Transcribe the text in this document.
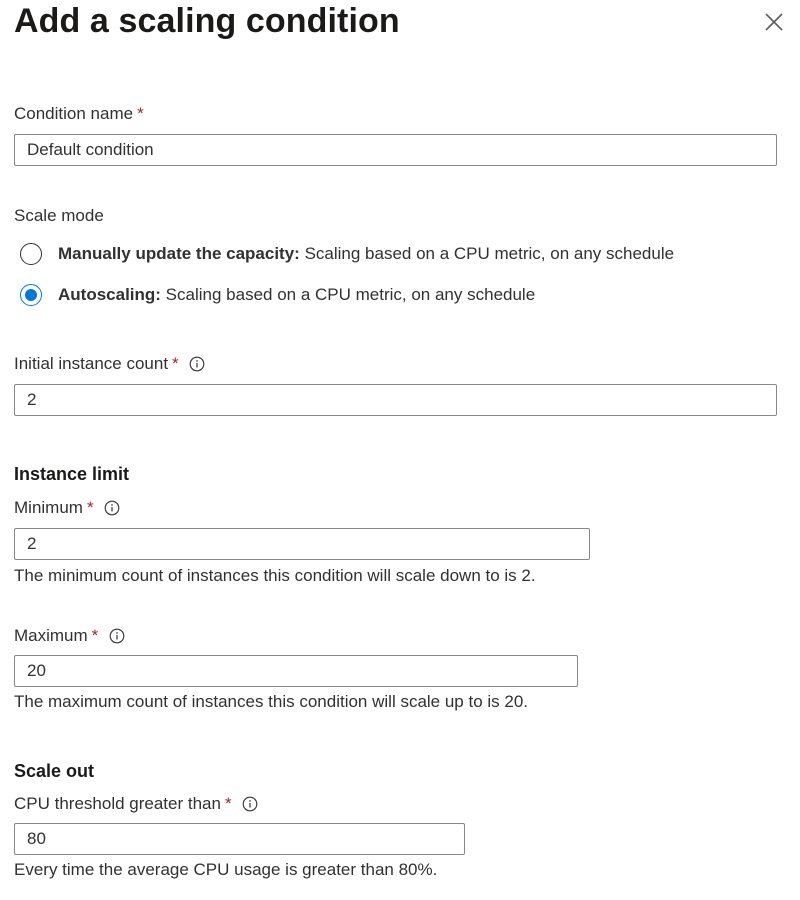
Add a scaling condition
Condition name *
Default condition
Scale mode
Manually update the capacity: Scaling based on a CPU metric, on any schedule
Autoscaling: Scaling based on a CPU metric, on any schedule
Initial instance count *
2
Instance limit
Minimum *
2
The minimum count of instances this condition will scale down to is 2.
Maximum *
20
The maximum count of instances this condition will scale up to is 20.
Scale out
CPU threshold greater than *
80
Every time the average CPU usage is greater than 80%.
